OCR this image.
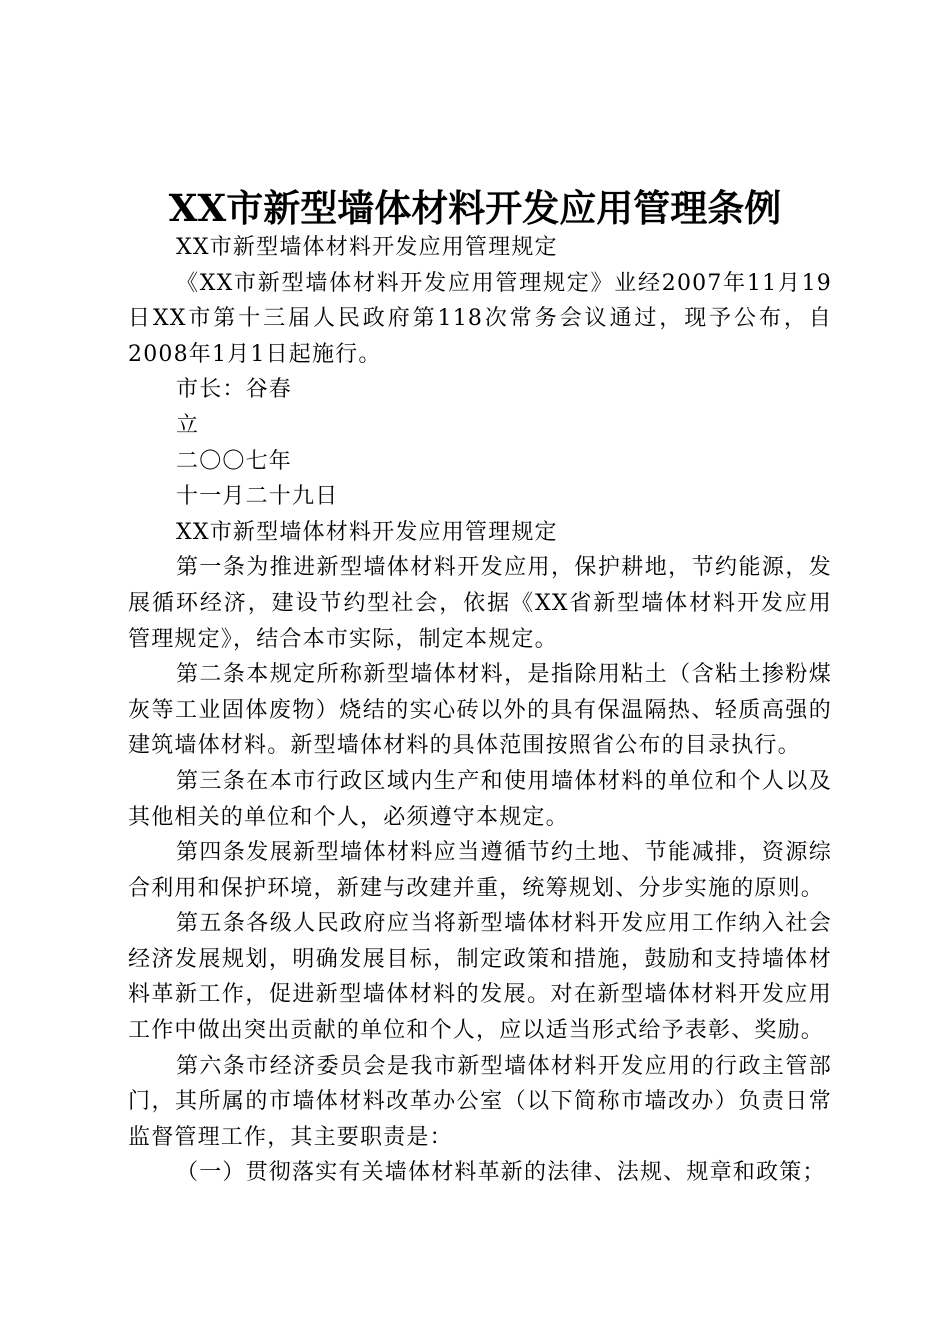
XX市新型墙体材料开发应用管理条例

XX市新型墙体材料开发应用管理规定

《XX市新型墙体材料开发应用管理规定》业经2007年11月19日XX市第十三届人民政府第118次常务会议通过，现予公布，自2008年1月1日起施行。

市长：谷春

立

二〇〇七年

十一月二十九日

XX市新型墙体材料开发应用管理规定

第一条为推进新型墙体材料开发应用，保护耕地，节约能源，发展循环经济，建设节约型社会，依据《XX省新型墙体材料开发应用管理规定》，结合本市实际，制定本规定。

第二条本规定所称新型墙体材料，是指除用粘土（含粘土掺粉煤灰等工业固体废物）烧结的实心砖以外的具有保温隔热、轻质高强的建筑墙体材料。新型墙体材料的具体范围按照省公布的目录执行。

第三条在本市行政区域内生产和使用墙体材料的单位和个人以及其他相关的单位和个人，必须遵守本规定。

第四条发展新型墙体材料应当遵循节约土地、节能减排，资源综合利用和保护环境，新建与改建并重，统筹规划、分步实施的原则。

第五条各级人民政府应当将新型墙体材料开发应用工作纳入社会经济发展规划，明确发展目标，制定政策和措施，鼓励和支持墙体材料革新工作，促进新型墙体材料的发展。对在新型墙体材料开发应用工作中做出突出贡献的单位和个人，应以适当形式给予表彰、奖励。

第六条市经济委员会是我市新型墙体材料开发应用的行政主管部门，其所属的市墙体材料改革办公室（以下简称市墙改办）负责日常监督管理工作，其主要职责是：

（一）贯彻落实有关墙体材料革新的法律、法规、规章和政策；
